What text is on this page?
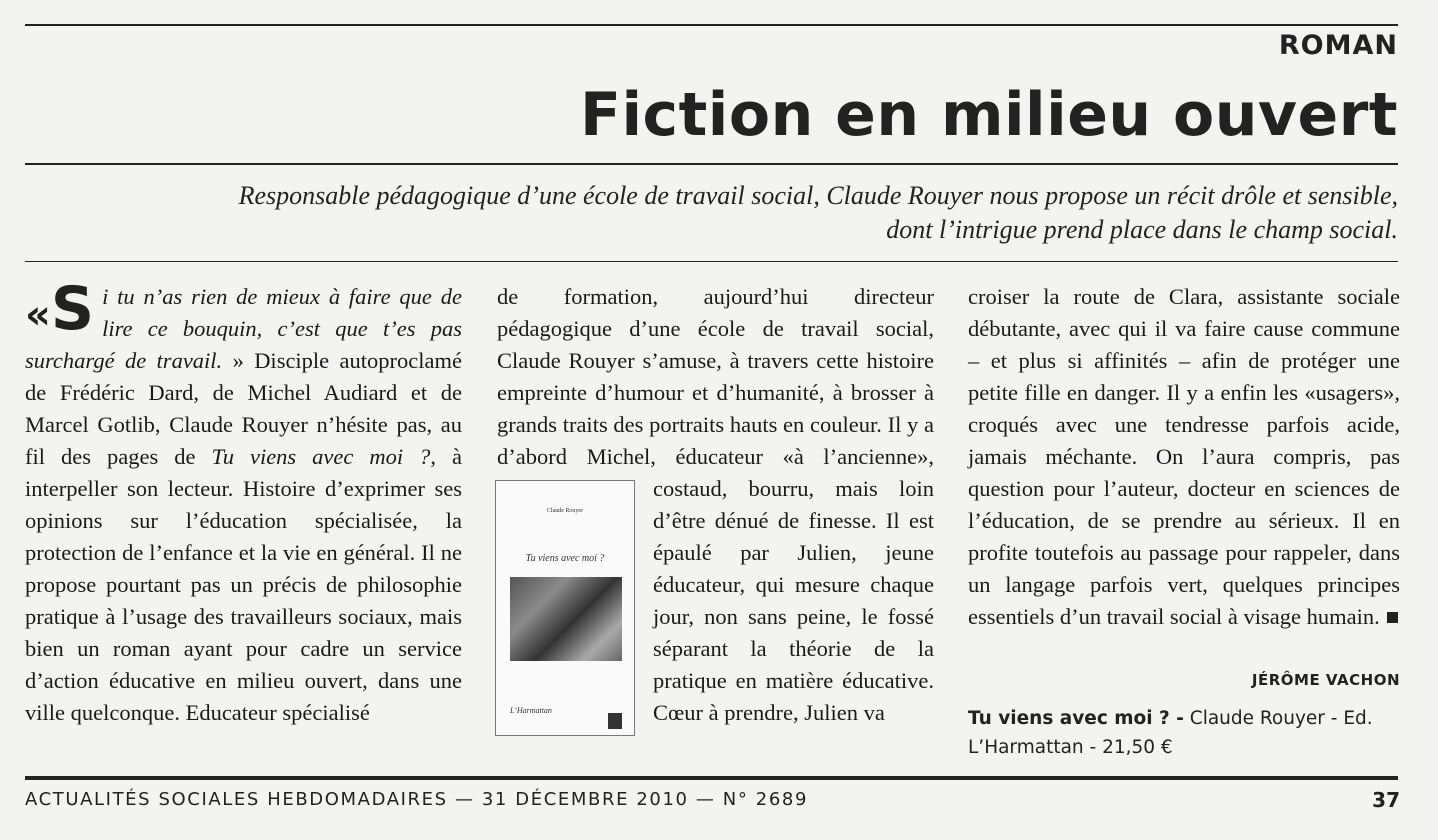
ROMAN
Fiction en milieu ouvert
Responsable pédagogique d’une école de travail social, Claude Rouyer nous propose un récit drôle et sensible, dont l’intrigue prend place dans le champ social.
«S i tu n’as rien de mieux à faire que de lire ce bouquin, c’est que t’es pas surchargé de travail. » Disciple autoproclamé de Frédéric Dard, de Michel Audiard et de Marcel Gotlib, Claude Rouyer n’hésite pas, au fil des pages de Tu viens avec moi ?, à interpeller son lecteur. Histoire d’exprimer ses opinions sur l’éducation spécialisée, la protection de l’enfance et la vie en général. Il ne propose pourtant pas un précis de philosophie pratique à l’usage des travailleurs sociaux, mais bien un roman ayant pour cadre un service d’action éducative en milieu ouvert, dans une ville quelconque. Educateur spécialisé
de formation, aujourd’hui directeur pédagogique d’une école de travail social, Claude Rouyer s’amuse, à travers cette histoire empreinte d’humour et d’humanité, à brosser à grands traits des portraits hauts en couleur. Il y a d’abord Michel, éducateur «à l’ancienne», costaud, bourru, mais
Claude Rouyer
Tu viens avec moi ?
L’Harmattan
loin d’être dénué de finesse. Il est épaulé par Julien, jeune éducateur, qui mesure chaque jour, non sans peine, le fossé séparant la théorie de la pratique en matière éducative. Cœur à prendre, Julien va
croiser la route de Clara, assistante sociale débutante, avec qui il va faire cause commune – et plus si affinités – afin de protéger une petite fille en danger. Il y a enfin les «usagers», croqués avec une tendresse parfois acide, jamais méchante. On l’aura compris, pas question pour l’auteur, docteur en sciences de l’éducation, de se prendre au sérieux. Il en profite toutefois au passage pour rappeler, dans un langage parfois vert, quelques principes essentiels d’un travail social à visage humain.
JÉRÔME VACHON
Tu viens avec moi ? - Claude Rouyer - Ed. L’Harmattan - 21,50 €
ACTUALITÉS SOCIALES HEBDOMADAIRES — 31 DÉCEMBRE 2010 — N° 2689	37
